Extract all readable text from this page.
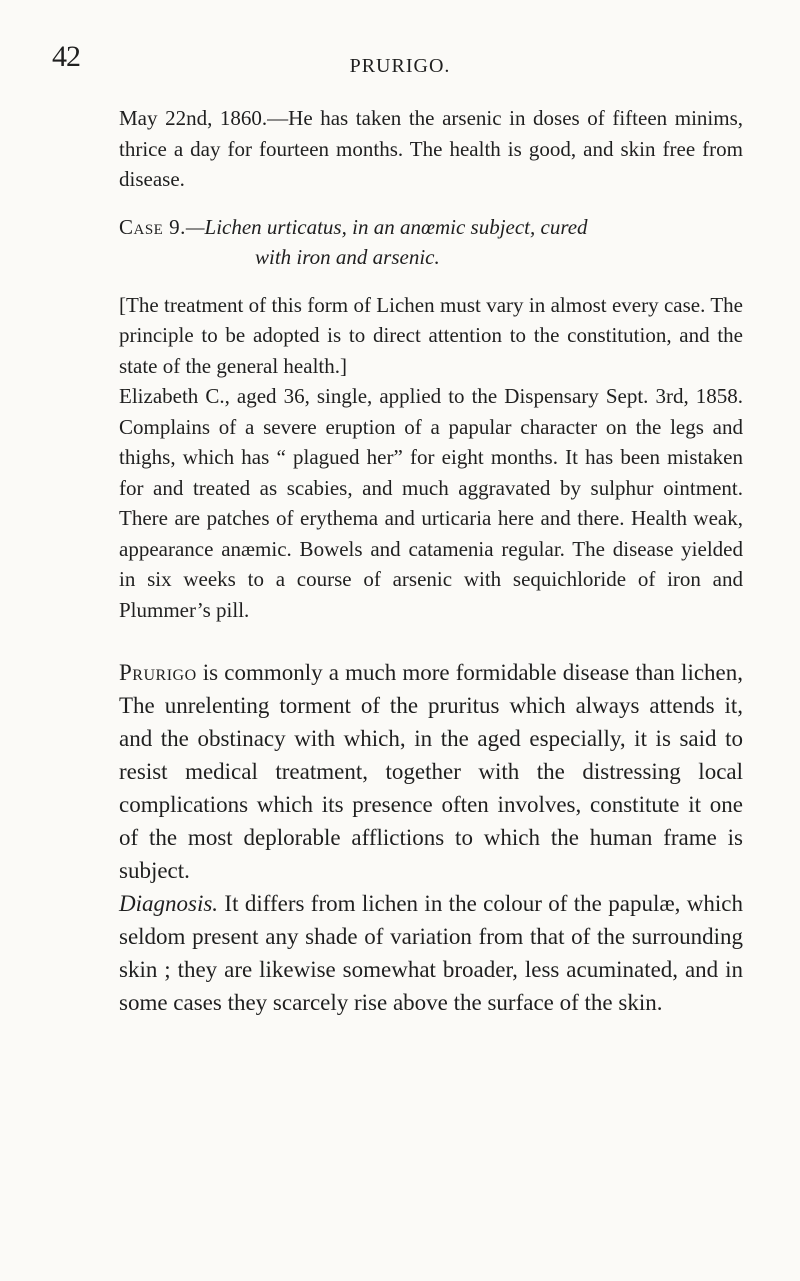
42	PRURIGO.

May 22nd, 1860.—He has taken the arsenic in doses of fifteen minims, thrice a day for fourteen months. The health is good, and skin free from disease.

Case 9.—Lichen urticatus, in an anœmic subject, cured
with iron and arsenic.

[The treatment of this form of Lichen must vary in almost every case. The principle to be adopted is to direct attention to the constitution, and the state of the general health.]

Elizabeth C., aged 36, single, applied to the Dispensary Sept. 3rd, 1858. Complains of a severe eruption of a papular character on the legs and thighs, which has “ plagued her” for eight months. It has been mistaken for and treated as scabies, and much aggravated by sulphur ointment. There are patches of erythema and urticaria here and there. Health weak, appearance anæmic. Bowels and catamenia regular. The disease yielded in six weeks to a course of arsenic with sequichloride of iron and Plummer’s pill.

Prurigo is commonly a much more formidable disease than lichen, The unrelenting torment of the pruritus which always attends it, and the obstinacy with which, in the aged especially, it is said to resist medical treatment, together with the distressing local complications which its presence often involves, constitute it one of the most deplorable afflictions to which the human frame is subject.

Diagnosis. It differs from lichen in the colour of the papulæ, which seldom present any shade of variation from that of the surrounding skin ; they are likewise somewhat broader, less acuminated, and in some cases they scarcely rise above the surface of the skin.
